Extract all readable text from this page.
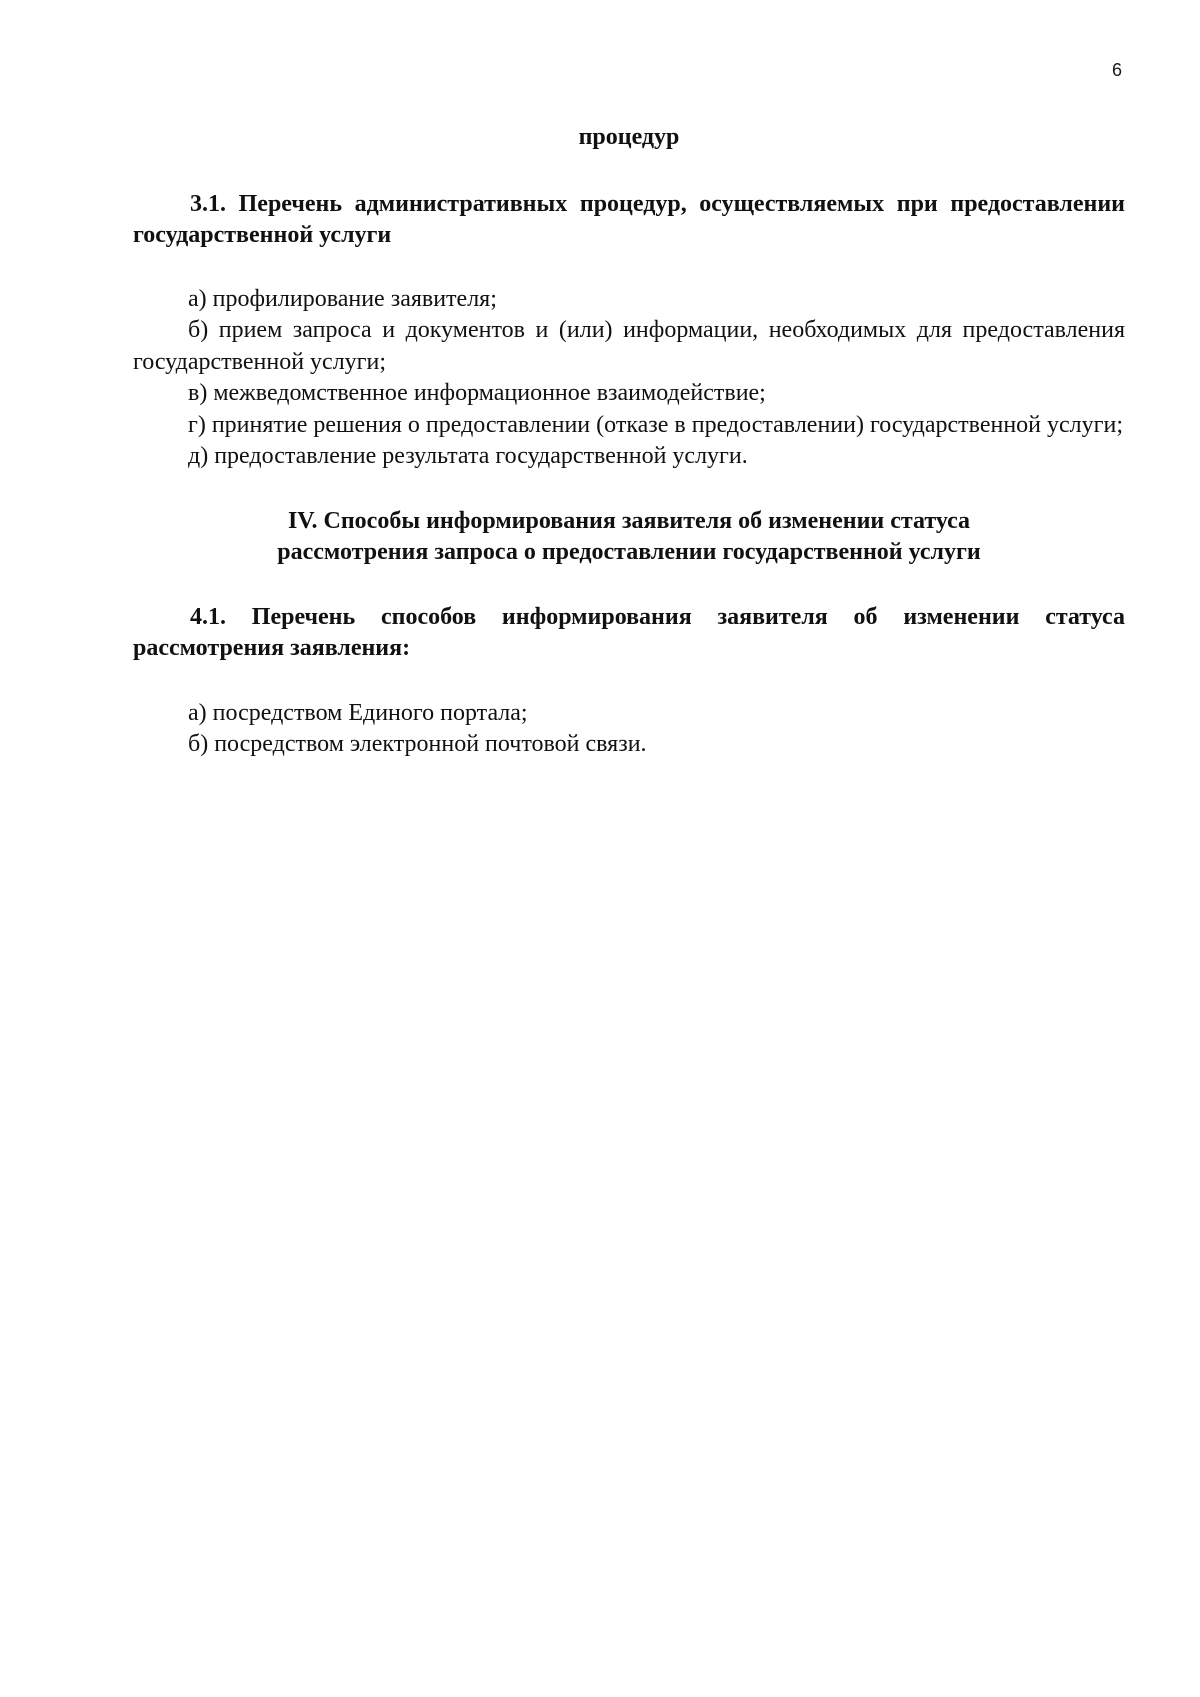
6
процедур
3.1. Перечень административных процедур, осуществляемых при предоставлении государственной услуги

а) профилирование заявителя;

б) прием запроса и документов и (или) информации, необходимых для предоставления государственной услуги;

в) межведомственное информационное взаимодействие;

г) принятие решения о предоставлении (отказе в предоставлении) государственной услуги;

д) предоставление результата государственной услуги.

IV. Способы информирования заявителя об изменении статуса
рассмотрения запроса о предоставлении государственной услуги
4.1. Перечень способов информирования заявителя об изменении статуса рассмотрения заявления:

а) посредством Единого портала;

б) посредством электронной почтовой связи.
